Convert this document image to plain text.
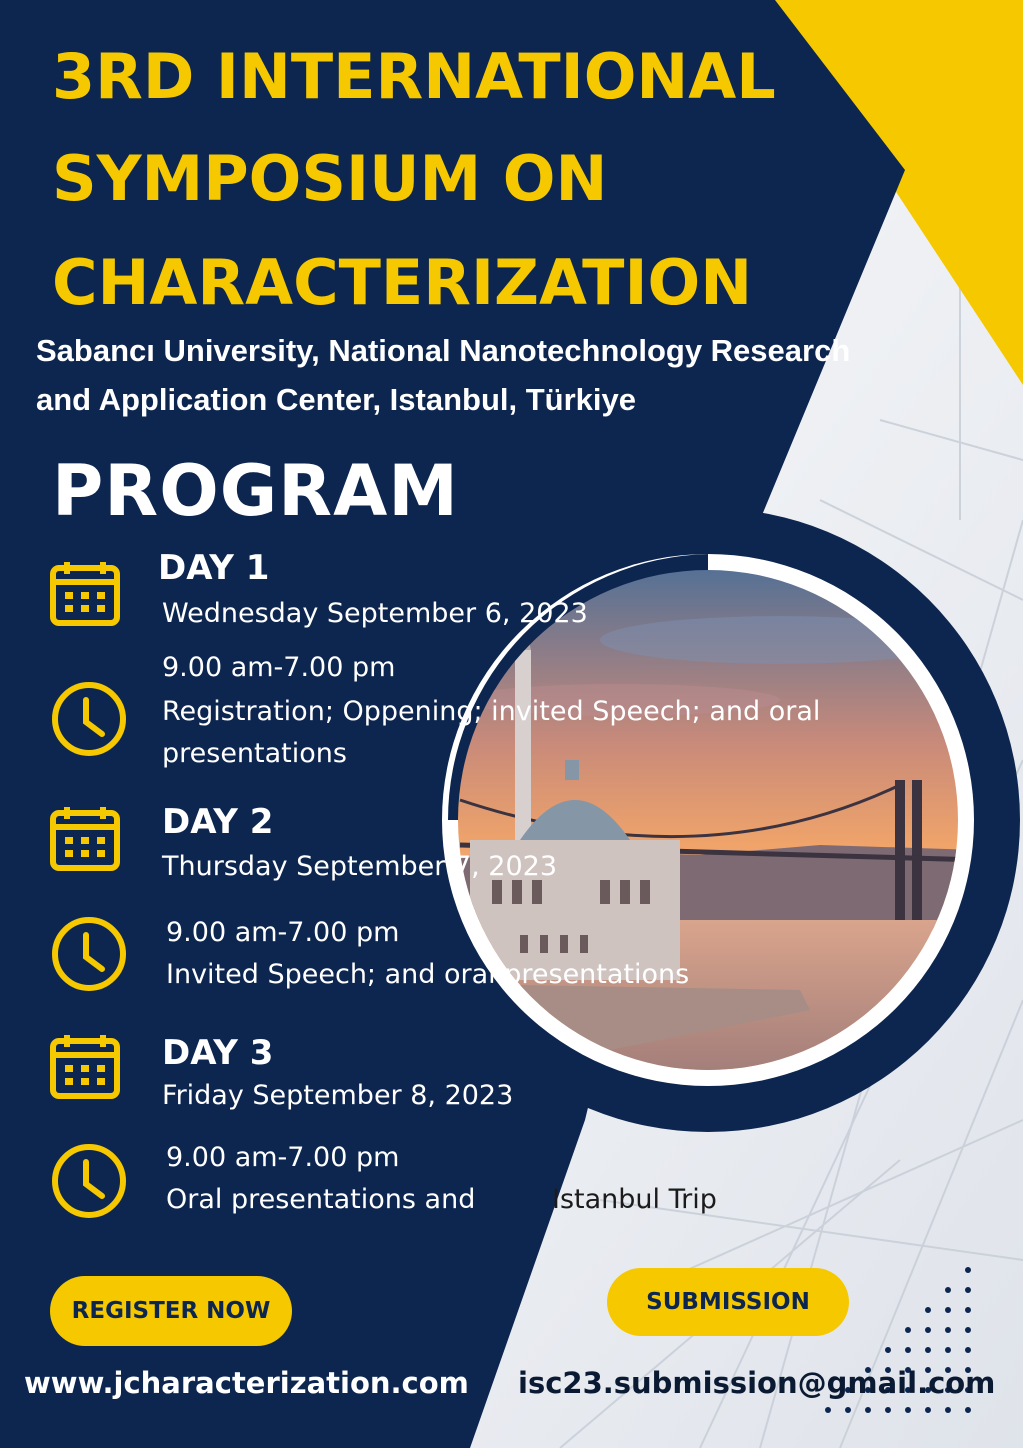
3RD INTERNATIONAL
SYMPOSIUM ON
CHARACTERIZATION
Sabancı University, National Nanotechnology Research
and Application Center, Istanbul, Türkiye
PROGRAM
DAY 1
Wednesday September 6, 2023
9.00 am-7.00 pm
Registration; Oppening; invited Speech; and oral
presentations
DAY 2
Thursday September 7, 2023
9.00 am-7.00 pm
Invited Speech; and oral presentations
DAY 3
Friday September 8, 2023
9.00 am-7.00 pm
Oral presentations and	Istanbul Trip
REGISTER NOW	SUBMISSION
www.jcharacterization.com isc23.submission@gmail.com
